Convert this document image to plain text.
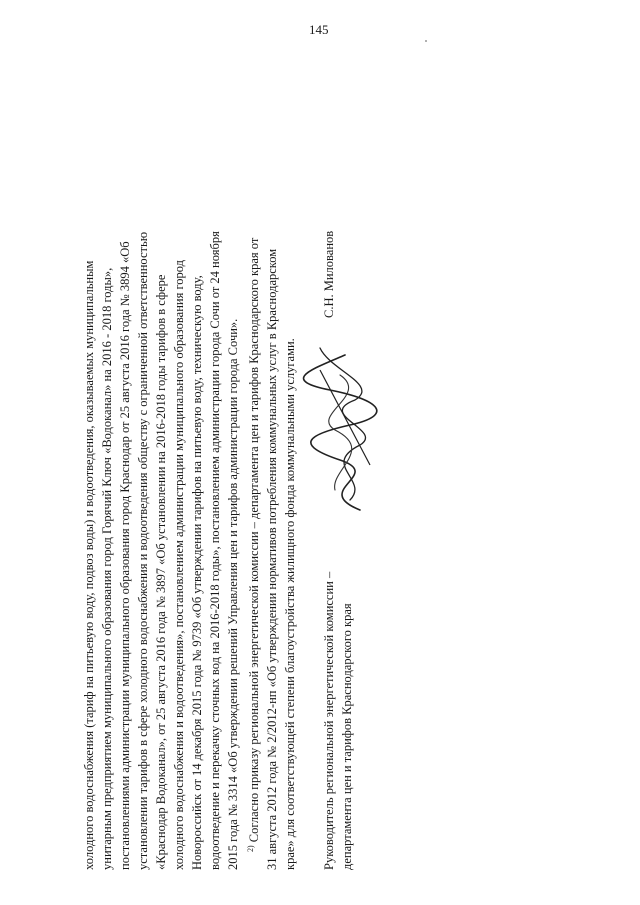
145

холодного водоснабжения (тариф на питьевую воду, подвоз воды) и водоотведения, оказываемых муниципальным унитарным предприятием муниципального образования город Горячий Ключ «Водоканал» на 2016 - 2018 годы», постановлениями администрации муниципального образования город Краснодар от 25 августа 2016 года № 3894 «Об установлении тарифов в сфере холодного водоснабжения и водоотведения обществу с ограниченной ответственностью «Краснодар Водоканал», от 25 августа 2016 года № 3897 «Об установлении на 2016-2018 годы тарифов в сфере холодного водоснабжения и водоотведения», постановлением администрации муниципального образования город Новороссийск от 14 декабря 2015 года № 9739 «Об утверждении тарифов на питьевую воду, техническую воду, водоотведение и перекачку сточных вод на 2016-2018 годы», постановлением администрации города Сочи от 24 ноября 2015 года № 3314 «Об утверждении решений Управления цен и тарифов администрации города Сочи». $^{2)}$ Согласно приказу региональной энергетической комиссии – департамента цен и тарифов Краснодарского края от 31 августа 2012 года № 2/2012-нп «Об утверждении нормативов потребления коммунальных услуг в Краснодарском крае» для соответствующей степени благоустройства жилищного фонда коммунальными услугами. Руководитель региональной энергетической комиссии – департамента цен и тарифов Краснодарского края
С.Н. Милованов
